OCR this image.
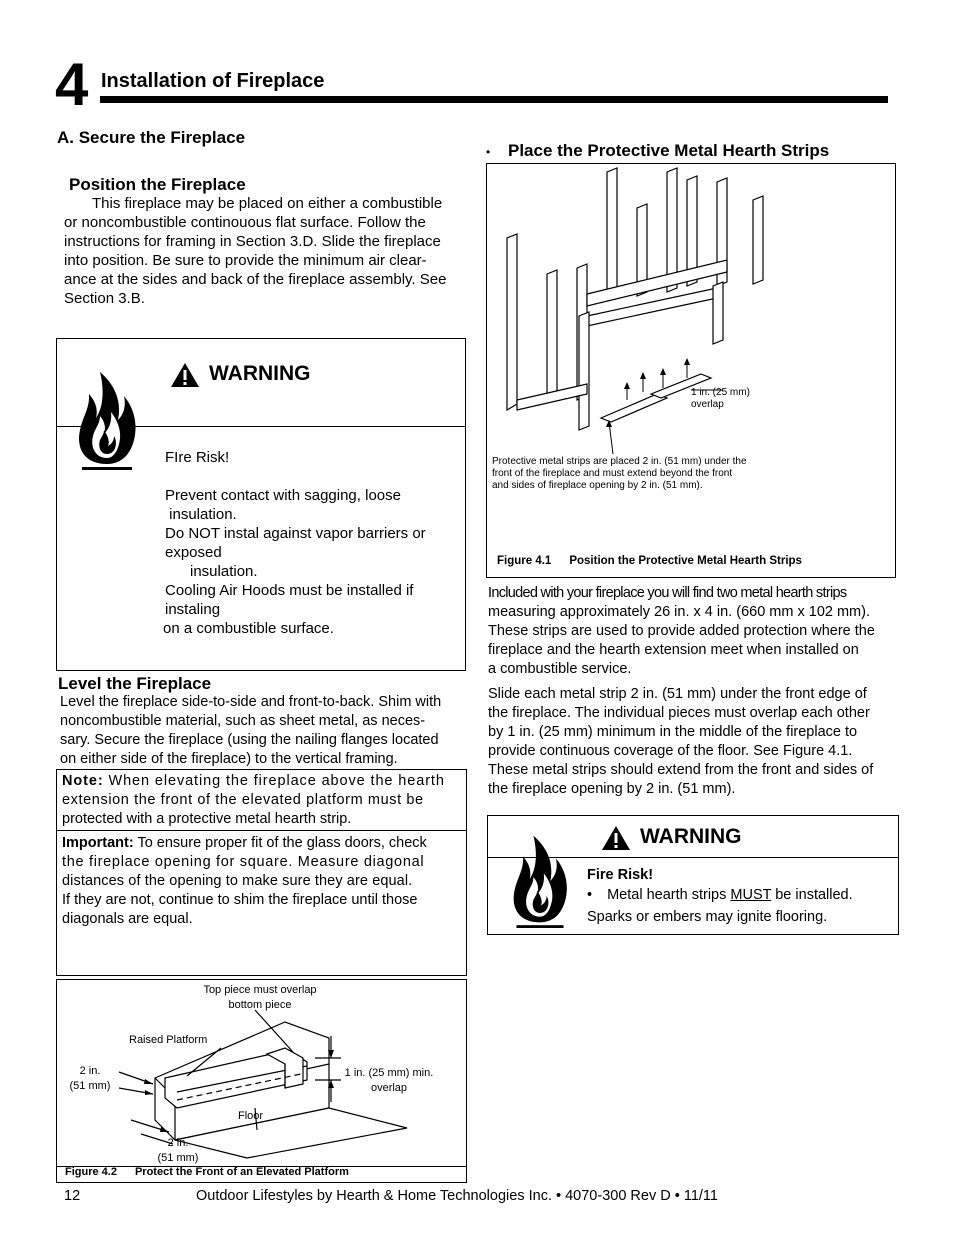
4 Installation of Fireplace
A. Secure the Fireplace
Position the Fireplace
This fireplace may be placed on either a combustible
or noncombustible continouous flat surface. Follow the
instructions for framing in Section 3.D. Slide the fireplace
into position. Be sure to provide the minimum air clear-
ance at the sides and back of the fireplace assembly. See
Section 3.B.
WARNING
FIre Risk!
Prevent contact with sagging, loose
insulation.
Do NOT instal against vapor barriers or
exposed
insulation.
Cooling Air Hoods must be installed if
instaling
on a combustible surface.
Level the Fireplace
Level the fireplace side-to-side and front-to-back. Shim with
noncombustible material, such as sheet metal, as neces-
sary. Secure the fireplace (using the nailing flanges located
on either side of the fireplace) to the vertical framing.
Note: When elevating the fireplace above the hearth
extension the front of the elevated platform must be
protected with a protective metal hearth strip.
Important: To ensure proper fit of the glass doors, check
the fireplace opening for square. Measure diagonal
distances of the opening to make sure they are equal.
If they are not, continue to shim the fireplace until those
diagonals are equal.
Top piece must overlap
bottom piece
Raised Platform
2 in.
(51 mm)
1 in. (25 mm) min.
overlap
Floor
2 in.
(51 mm)
Figure 4.2 Protect the Front of an Elevated Platform
• Place the Protective Metal Hearth Strips
1 in. (25 mm)
overlap
Protective metal strips are placed 2 in. (51 mm) under the
front of the fireplace and must extend beyond the front
and sides of fireplace opening by 2 in. (51 mm).
Figure 4.1 Position the Protective Metal Hearth Strips
Included with your fireplace you will find two metal hearth strips
measuring approximately 26 in. x 4 in. (660 mm x 102 mm).
These strips are used to provide added protection where the
fireplace and the hearth extension meet when installed on
a combustible service.
Slide each metal strip 2 in. (51 mm) under the front edge of
the fireplace. The individual pieces must overlap each other
by 1 in. (25 mm) minimum in the middle of the fireplace to
provide continuous coverage of the floor. See Figure 4.1.
These metal strips should extend from the front and sides of
the fireplace opening by 2 in. (51 mm).
WARNING
Fire Risk!
• Metal hearth strips MUST be installed.
Sparks or embers may ignite flooring.
12	Outdoor Lifestyles by Hearth & Home Technologies Inc. • 4070-300 Rev D • 11/11
